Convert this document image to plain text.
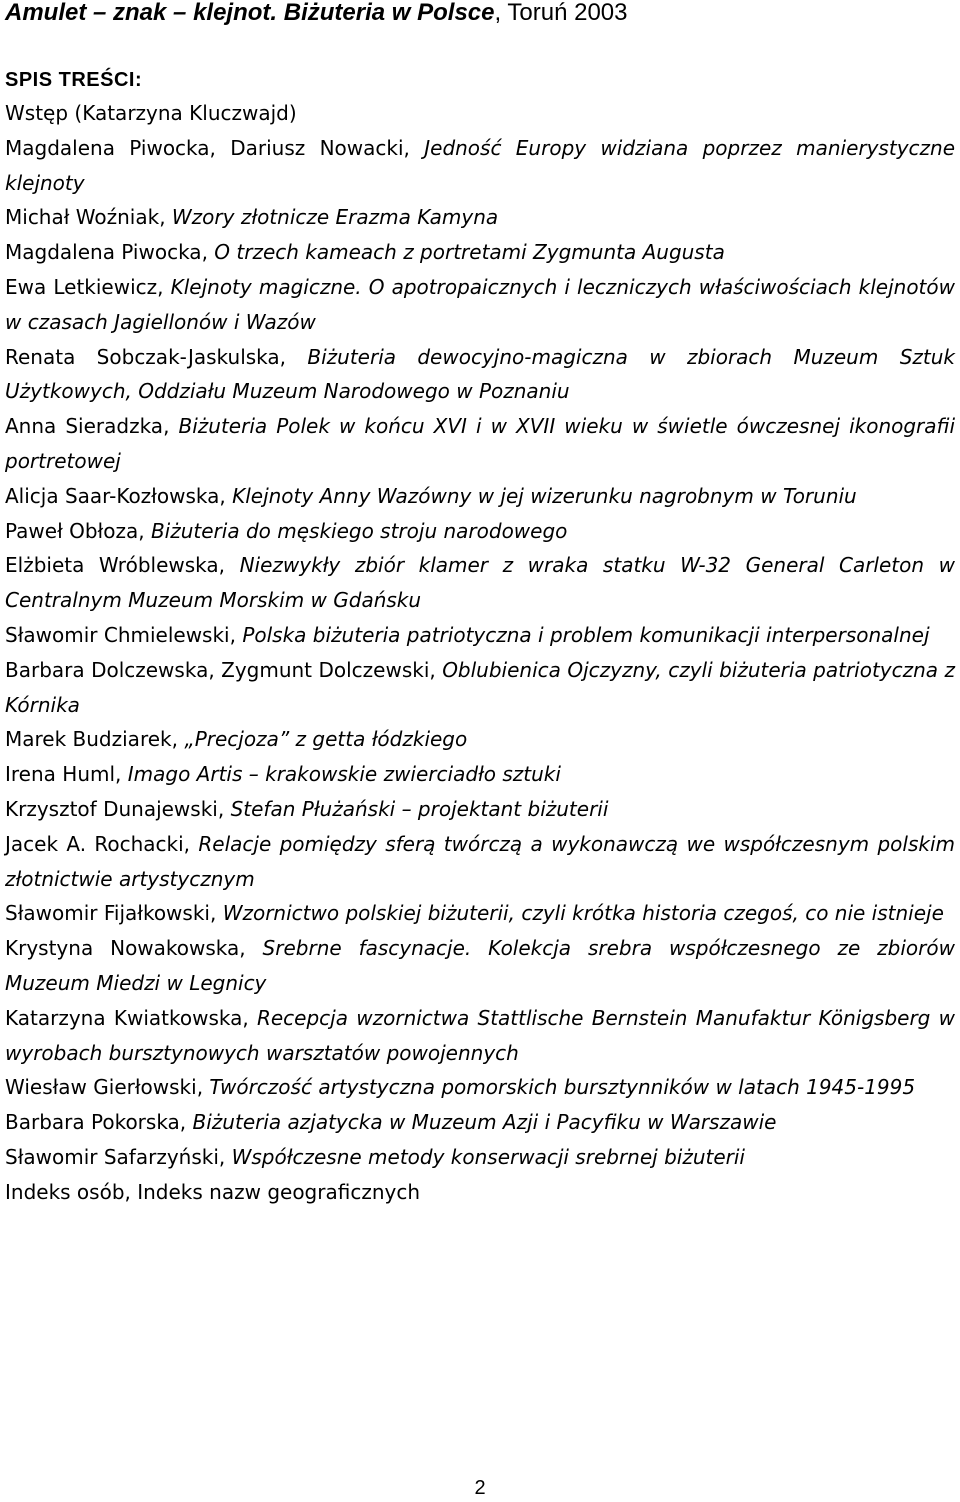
Amulet – znak – klejnot. Biżuteria w Polsce, Toruń 2003
SPIS TREŚCI:
Wstęp (Katarzyna Kluczwajd)
Magdalena Piwocka, Dariusz Nowacki, Jedność Europy widziana poprzez manierystyczne klejnoty
Michał Woźniak, Wzory złotnicze Erazma Kamyna
Magdalena Piwocka, O trzech kameach z portretami Zygmunta Augusta
Ewa Letkiewicz, Klejnoty magiczne. O apotropaicznych i leczniczych właściwościach klejnotów w czasach Jagiellonów i Wazów
Renata Sobczak-Jaskulska, Biżuteria dewocyjno-magiczna w zbiorach Muzeum Sztuk Użytkowych, Oddziału Muzeum Narodowego w Poznaniu
Anna Sieradzka, Biżuteria Polek w końcu XVI i w XVII wieku w świetle ówczesnej ikonografii portretowej
Alicja Saar-Kozłowska, Klejnoty Anny Wazówny w jej wizerunku nagrobnym w Toruniu
Paweł Obłoza, Biżuteria do męskiego stroju narodowego
Elżbieta Wróblewska, Niezwykły zbiór klamer z wraka statku W-32 General Carleton w Centralnym Muzeum Morskim w Gdańsku
Sławomir Chmielewski, Polska biżuteria patriotyczna i problem komunikacji interpersonalnej
Barbara Dolczewska, Zygmunt Dolczewski, Oblubienica Ojczyzny, czyli biżuteria patriotyczna z Kórnika
Marek Budziarek, „Precjoza” z getta łódzkiego
Irena Huml, Imago Artis – krakowskie zwierciadło sztuki
Krzysztof Dunajewski, Stefan Płużański – projektant biżuterii
Jacek A. Rochacki, Relacje pomiędzy sferą twórczą a wykonawczą we współczesnym polskim złotnictwie artystycznym
Sławomir Fijałkowski, Wzornictwo polskiej biżuterii, czyli krótka historia czegoś, co nie istnieje
Krystyna Nowakowska, Srebrne fascynacje. Kolekcja srebra współczesnego ze zbiorów Muzeum Miedzi w Legnicy
Katarzyna Kwiatkowska, Recepcja wzornictwa Stattlische Bernstein Manufaktur Königsberg w wyrobach bursztynowych warsztatów powojennych
Wiesław Gierłowski, Twórczość artystyczna pomorskich bursztynników w latach 1945-1995
Barbara Pokorska, Biżuteria azjatycka w Muzeum Azji i Pacyfiku w Warszawie
Sławomir Safarzyński, Współczesne metody konserwacji srebrnej biżuterii
Indeks osób, Indeks nazw geograficznych
2
